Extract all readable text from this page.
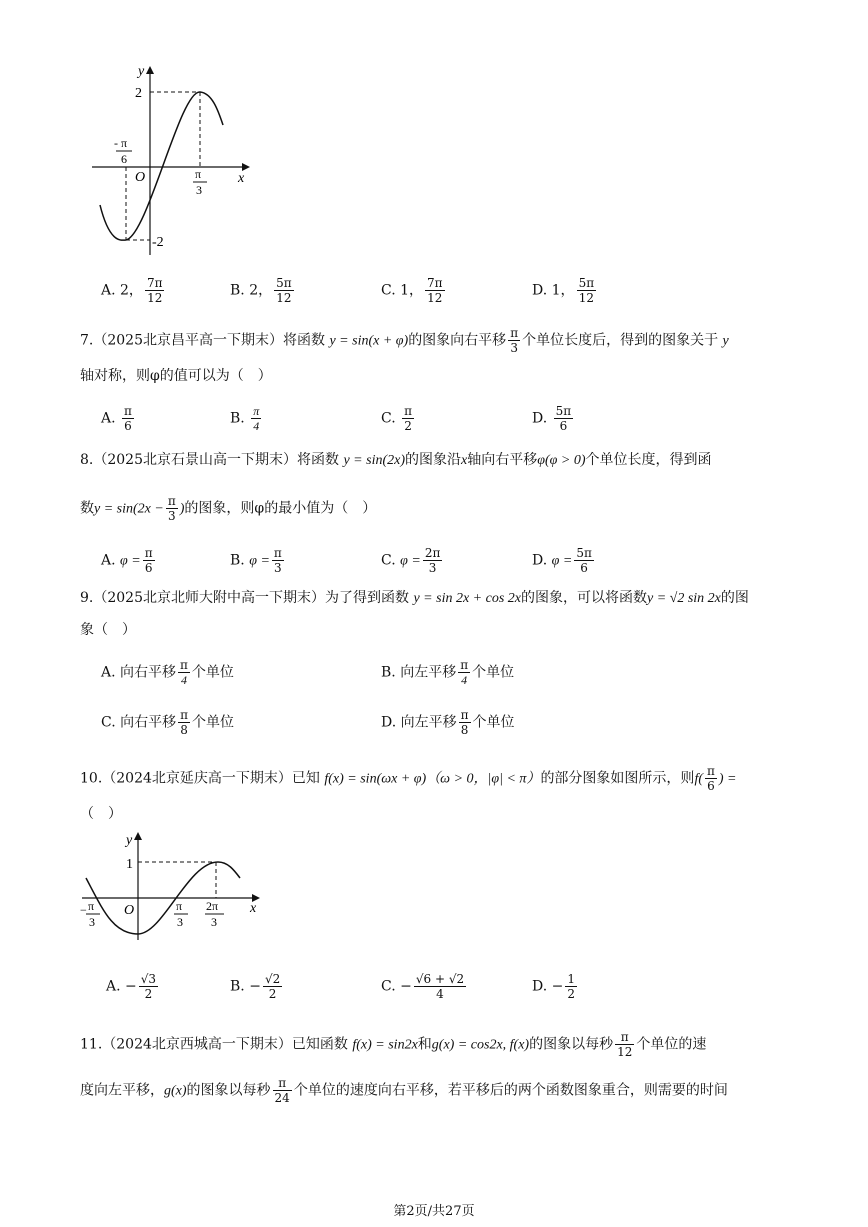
y
x
O
2
-2
- π
6
π
3
A. 2， $\frac{7\pi}{12}$	B. 2， $\frac{5\pi}{12}$	C. 1， $\frac{7\pi}{12}$	D. 1， $\frac{5\pi}{12}$
7.（2025北京昌平高一下期末）将函数 y = sin(x + φ)的图象向右平移 $\frac{\pi}{3}$ 个单位长度后，得到的图象关于 y
轴对称，则φ的值可以为（　）
A. $\frac{\pi}{6}$	B. $\frac{\pi}{4}$	C. $\frac{\pi}{2}$	D. $\frac{5\pi}{6}$
8.（2025北京石景山高一下期末）将函数 y = sin(2x)的图象沿x轴向右平移φ(φ > 0)个单位长度，得到函
数$y = \sin(2x - \frac{\pi}{3}$ )的图象，则φ的最小值为（　）
A. $\varphi = \frac{\pi}{6}$	B. $\varphi = \frac{\pi}{3}$	C. $\varphi = \frac{2\pi}{3}$	D. $\varphi = \frac{5\pi}{6}$
9.（2025北京北师大附中高一下期末）为了得到函数 y = sin 2x + cos 2x的图象，可以将函数y = √2 sin 2x的图
象（　）
A. 向右平移 $\frac{\pi}{4}$ 个单位	B. 向左平移 $\frac{\pi}{4}$ 个单位
C. 向右平移 $\frac{\pi}{8}$ 个单位	D. 向左平移 $\frac{\pi}{8}$ 个单位
10.（2024北京延庆高一下期末）已知 f(x) = sin(ωx + φ)（ω > 0，|φ| < π）的部分图象如图所示，则$f( \frac{\pi}{6}$ ) =
（　）
y
x
O
1
− π
3
π
3
2π
3
A. − $\frac{√3}{2}$	B. − $\frac{√2}{2}$	C. − $\frac{√6 + √2}{4}$	D. − $\frac{1}{2}$
11.（2024北京西城高一下期末）已知函数 f(x) = sin2x和g(x) = cos2x, f(x)的图象以每秒 $\frac{\pi}{12}$ 个单位的速
度向左平移，g(x)的图象以每秒 $\frac{\pi}{24}$ 个单位的速度向右平移，若平移后的两个函数图象重合，则需要的时间
第2页/共27页
